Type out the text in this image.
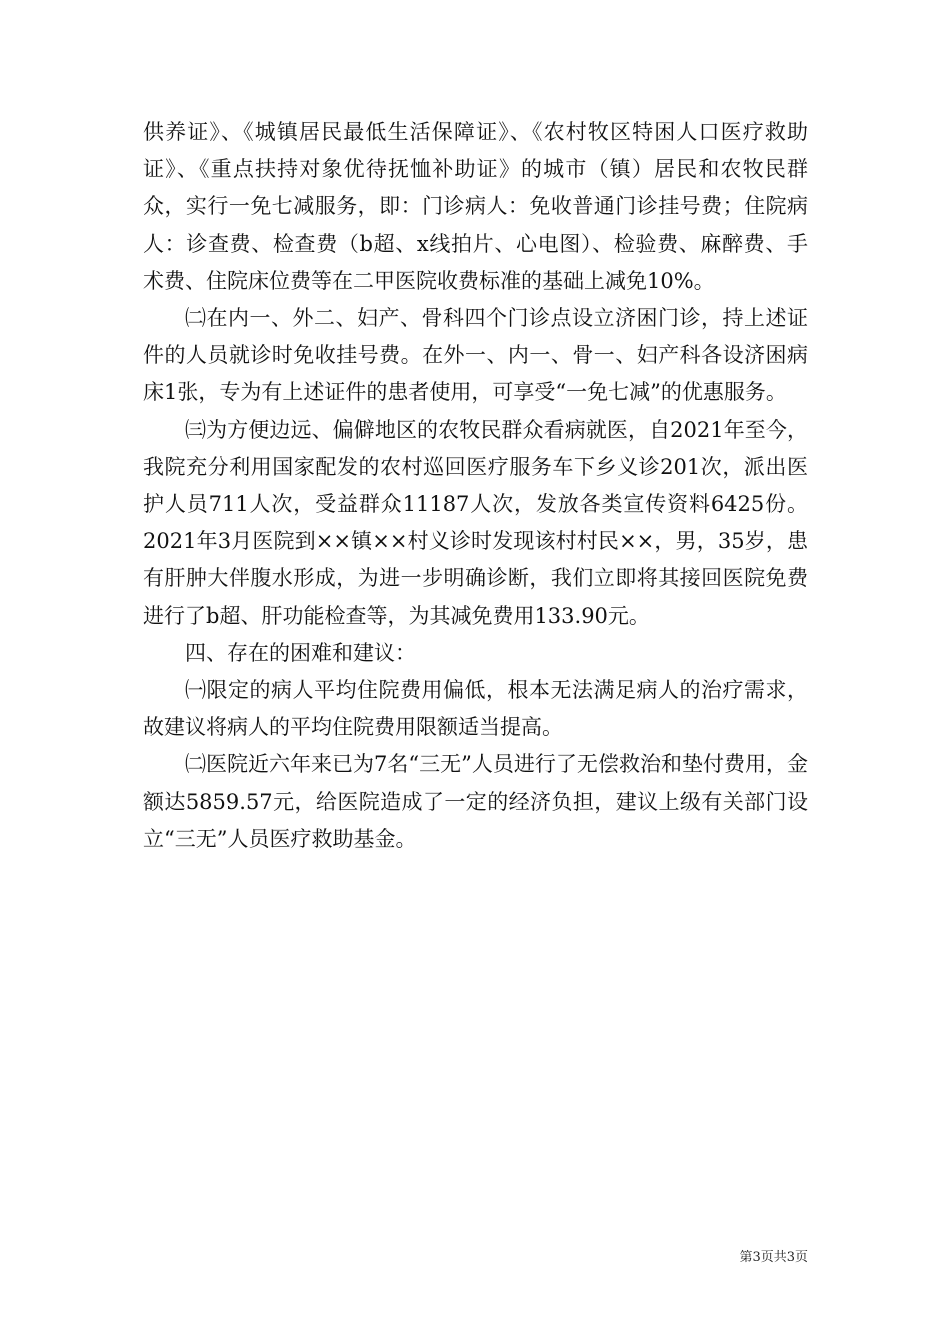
供养证》、《城镇居民最低生活保障证》、《农村牧区特困人口医疗救助证》、《重点扶持对象优待抚恤补助证》的城市（镇）居民和农牧民群众，实行一免七减服务，即：门诊病人：免收普通门诊挂号费；住院病人：诊查费、检查费（b超、x线拍片、心电图）、检验费、麻醉费、手术费、住院床位费等在二甲医院收费标准的基础上减免10%。

㈡在内一、外二、妇产、骨科四个门诊点设立济困门诊，持上述证件的人员就诊时免收挂号费。在外一、内一、骨一、妇产科各设济困病床1张，专为有上述证件的患者使用，可享受“一免七减”的优惠服务。

㈢为方便边远、偏僻地区的农牧民群众看病就医，自2021年至今，我院充分利用国家配发的农村巡回医疗服务车下乡义诊201次，派出医护人员711人次，受益群众11187人次，发放各类宣传资料6425份。2021年3月医院到××镇××村义诊时发现该村村民××，男，35岁，患有肝肿大伴腹水形成，为进一步明确诊断，我们立即将其接回医院免费进行了b超、肝功能检查等，为其减免费用133.90元。

四、存在的困难和建议：

㈠限定的病人平均住院费用偏低，根本无法满足病人的治疗需求，故建议将病人的平均住院费用限额适当提高。

㈡医院近六年来已为7名“三无”人员进行了无偿救治和垫付费用，金额达5859.57元，给医院造成了一定的经济负担，建议上级有关部门设立“三无”人员医疗救助基金。

第3页共3页
